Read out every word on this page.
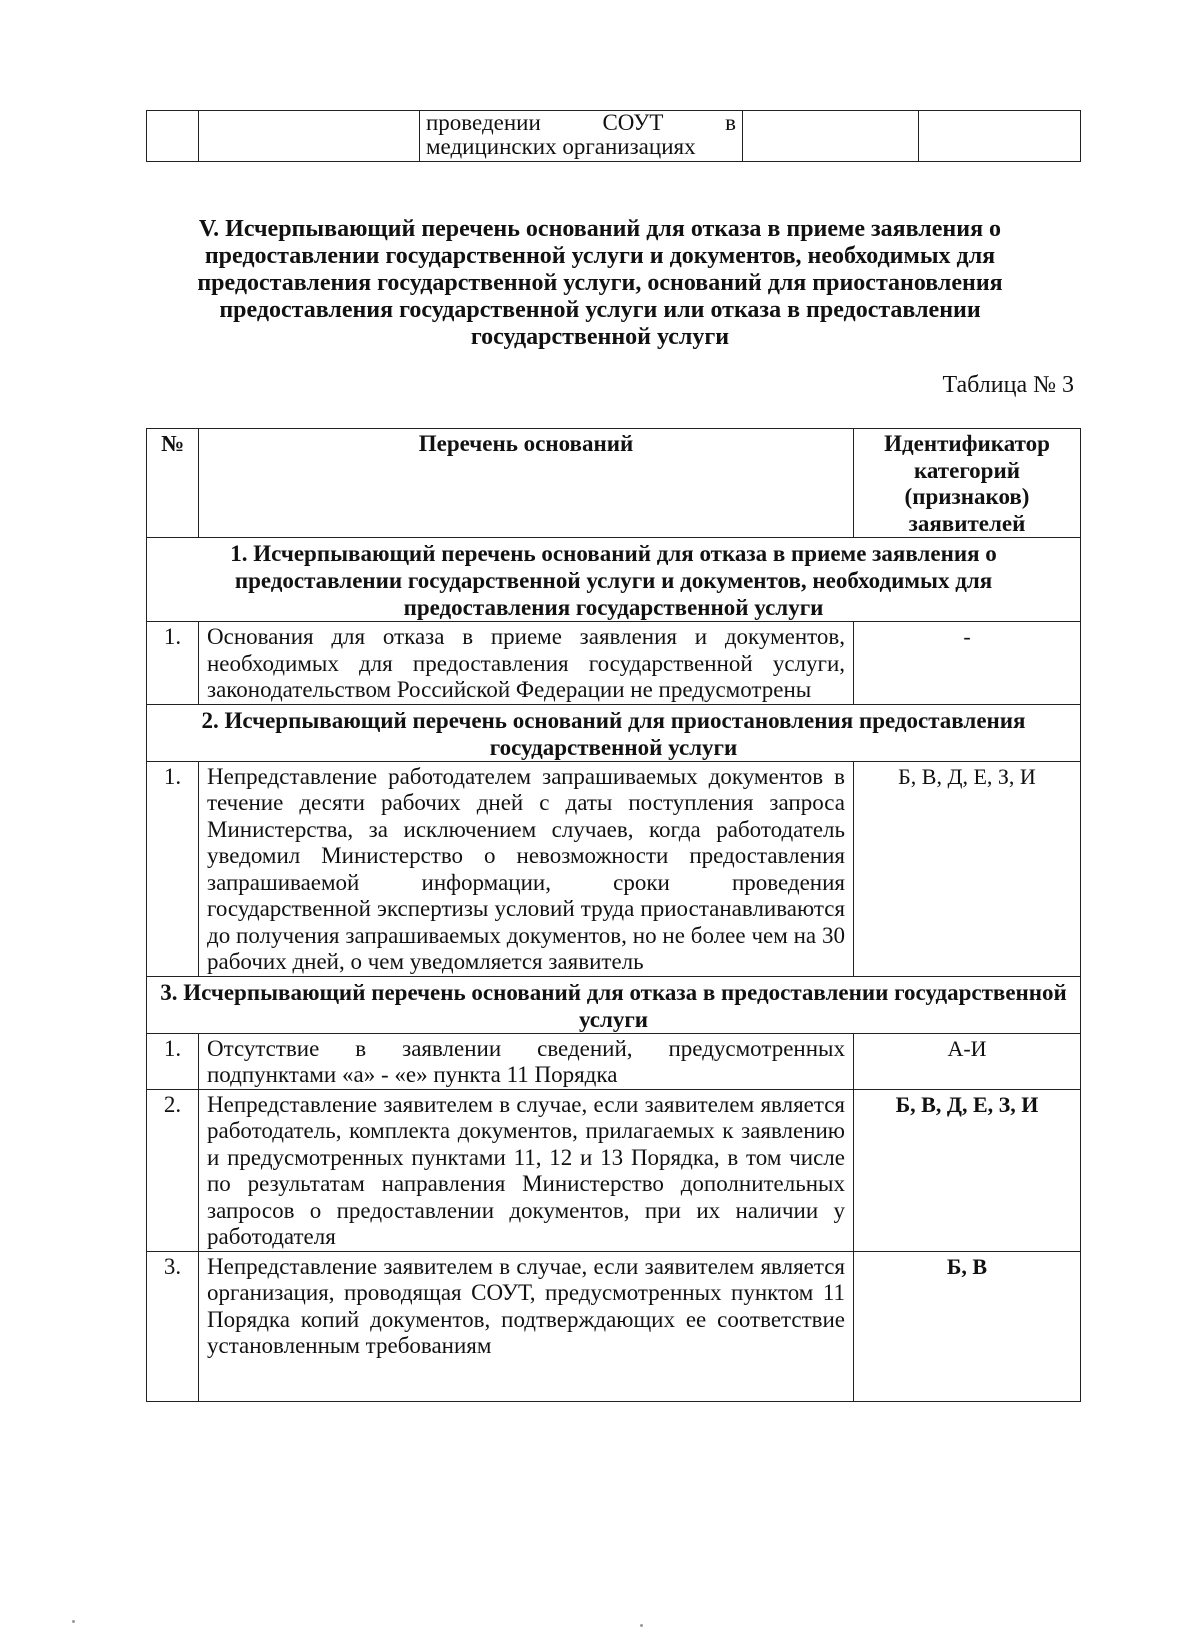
		проведении СОУТ в медицинских организациях		
V. Исчерпывающий перечень оснований для отказа в приеме заявления о предоставлении государственной услуги и документов, необходимых для предоставления государственной услуги, оснований для приостановления предоставления государственной услуги или отказа в предоставлении государственной услуги
Таблица № 3
№	Перечень оснований	Идентификатор категорий (признаков) заявителей
1. Исчерпывающий перечень оснований для отказа в приеме заявления о предоставлении государственной услуги и документов, необходимых для предоставления государственной услуги		
1.	Основания для отказа в приеме заявления и документов, необходимых для предоставления государственной услуги, законодательством Российской Федерации не предусмотрены	-
2. Исчерпывающий перечень оснований для приостановления предоставления государственной услуги		
1.	Непредставление работодателем запрашиваемых документов в течение десяти рабочих дней с даты поступления запроса Министерства, за исключением случаев, когда работодатель уведомил Министерство о невозможности предоставления запрашиваемой информации, сроки проведения государственной экспертизы условий труда приостанавливаются до получения запрашиваемых документов, но не более чем на 30 рабочих дней, о чем уведомляется заявитель	Б, В, Д, Е, З, И
3. Исчерпывающий перечень оснований для отказа в предоставлении государственной услуги		
1.	Отсутствие в заявлении сведений, предусмотренных подпунктами «а» - «е» пункта 11 Порядка	А-И
2.	Непредставление заявителем в случае, если заявителем является работодатель, комплекта документов, прилагаемых к заявлению и предусмотренных пунктами 11, 12 и 13 Порядка, в том числе по результатам направления Министерство дополнительных запросов о предоставлении документов, при их наличии у работодателя	Б, В, Д, Е, З, И
3.	Непредставление заявителем в случае, если заявителем является организация, проводящая СОУТ, предусмотренных пунктом 11 Порядка копий документов, подтверждающих ее соответствие установленным требованиям	Б, В
